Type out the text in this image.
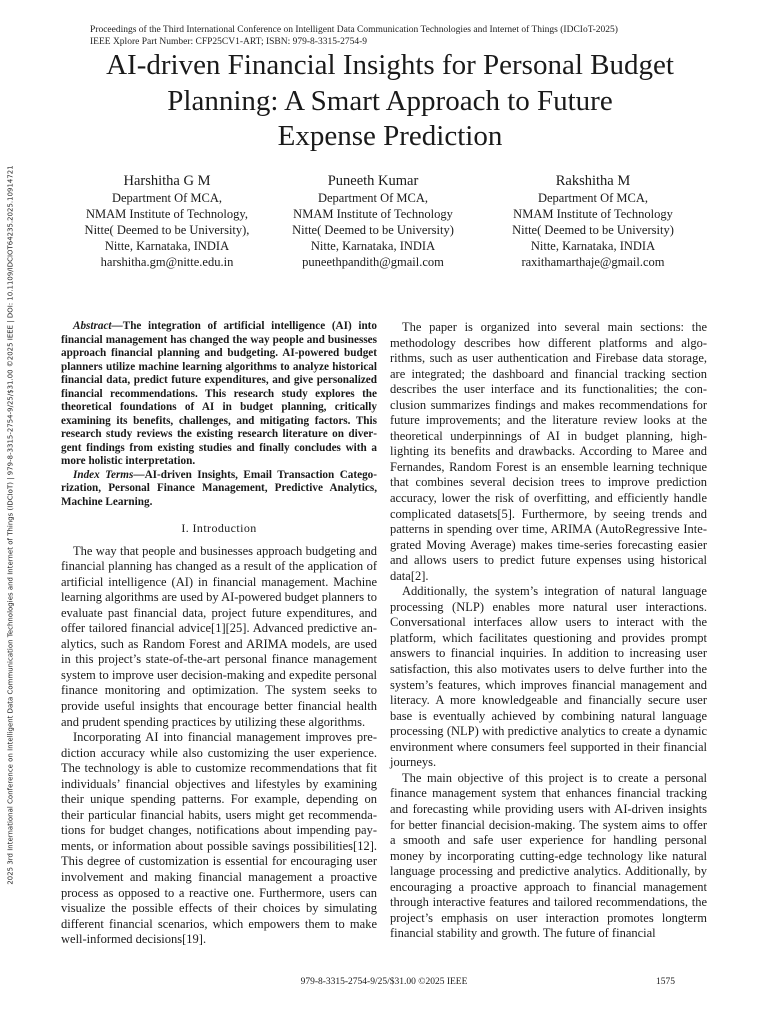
2025 3rd International Conference on Intelligent Data Communication Technologies and Internet of Things (IDCIoT) | 979-8-3315-2754-9/25/$31.00 ©2025 IEEE | DOI: 10.1109/IDCIOT64235.2025.10914721
Proceedings of the Third International Conference on Intelligent Data Communication Technologies and Internet of Things (IDCIoT-2025)
IEEE Xplore Part Number: CFP25CV1-ART; ISBN: 979-8-3315-2754-9
AI-driven Financial Insights for Personal Budget
Planning: A Smart Approach to Future
Expense Prediction
Harshitha G M
Department Of MCA,
NMAM Institute of Technology,
Nitte( Deemed to be University),
Nitte, Karnataka, INDIA
harshitha.gm@nitte.edu.in
Puneeth Kumar
Department Of MCA,
NMAM Institute of Technology
Nitte( Deemed to be University)
Nitte, Karnataka, INDIA
puneethpandith@gmail.com
Rakshitha M
Department Of MCA,
NMAM Institute of Technology
Nitte( Deemed to be University)
Nitte, Karnataka, INDIA
raxithamarthaje@gmail.com

Abstract—The integration of artificial intelligence (AI) into financial management has changed the way people and businesses approach financial planning and budgeting. AI-powered budget planners utilize machine learning algorithms to analyze historical financial data, predict future expenditures, and give personalized financial recommendations. This research study explores the theoretical foundations of AI in budget planning, critically examining its benefits, challenges, and mitigating factors. This research study reviews the existing research literature on divergent findings from existing studies and finally concludes with a more holistic interpretation.

Index Terms—AI-driven Insights, Email Transaction Categorization, Personal Finance Management, Predictive Analytics, Machine Learning.

I. Introduction

The way that people and businesses approach budgeting and financial planning has changed as a result of the application of artificial intelligence (AI) in financial management. Machine learning algorithms are used by AI-powered budget planners to evaluate past financial data, project future expenditures, and offer tailored financial advice[1][25]. Advanced predictive analytics, such as Random Forest and ARIMA models, are used in this project’s state-of-the-art personal finance management system to improve user decision-making and expedite personal finance monitoring and optimization. The system seeks to provide useful insights that encourage better financial health and prudent spending practices by utilizing these algorithms.

Incorporating AI into financial management improves prediction accuracy while also customizing the user experience. The technology is able to customize recommendations that fit individuals’ financial objectives and lifestyles by examining their unique spending patterns. For example, depending on their particular financial habits, users might get recommendations for budget changes, notifications about impending payments, or information about possible savings possibilities[12]. This degree of customization is essential for encouraging user involvement and making financial management a proactive process as opposed to a reactive one. Furthermore, users can visualize the possible effects of their choices by simulating different financial scenarios, which empowers them to make well-informed decisions[19].

The paper is organized into several main sections: the methodology describes how different platforms and algorithms, such as user authentication and Firebase data storage, are integrated; the dashboard and financial tracking section describes the user interface and its functionalities; the conclusion summarizes findings and makes recommendations for future improvements; and the literature review looks at the theoretical underpinnings of AI in budget planning, highlighting its benefits and drawbacks. According to Maree and Fernandes, Random Forest is an ensemble learning technique that combines several decision trees to improve prediction accuracy, lower the risk of overfitting, and efficiently handle complicated datasets[5]. Furthermore, by seeing trends and patterns in spending over time, ARIMA (AutoRegressive Integrated Moving Average) makes time-series forecasting easier and allows users to predict future expenses using historical data[2].

Additionally, the system’s integration of natural language processing (NLP) enables more natural user interactions. Conversational interfaces allow users to interact with the platform, which facilitates questioning and provides prompt answers to financial inquiries. In addition to increasing user satisfaction, this also motivates users to delve further into the system’s features, which improves financial management and literacy. A more knowledgeable and financially secure user base is eventually achieved by combining natural language processing (NLP) with predictive analytics to create a dynamic environment where consumers feel supported in their financial journeys.

The main objective of this project is to create a personal finance management system that enhances financial tracking and forecasting while providing users with AI-driven insights for better financial decision-making. The system aims to offer a smooth and safe user experience for handling personal money by incorporating cutting-edge technology like natural language processing and predictive analytics. Additionally, by encouraging a proactive approach to financial management through interactive features and tailored recommendations, the project’s emphasis on user interaction promotes longterm financial stability and growth. The future of financial

979-8-3315-2754-9/25/$31.00 ©2025 IEEE	1575
